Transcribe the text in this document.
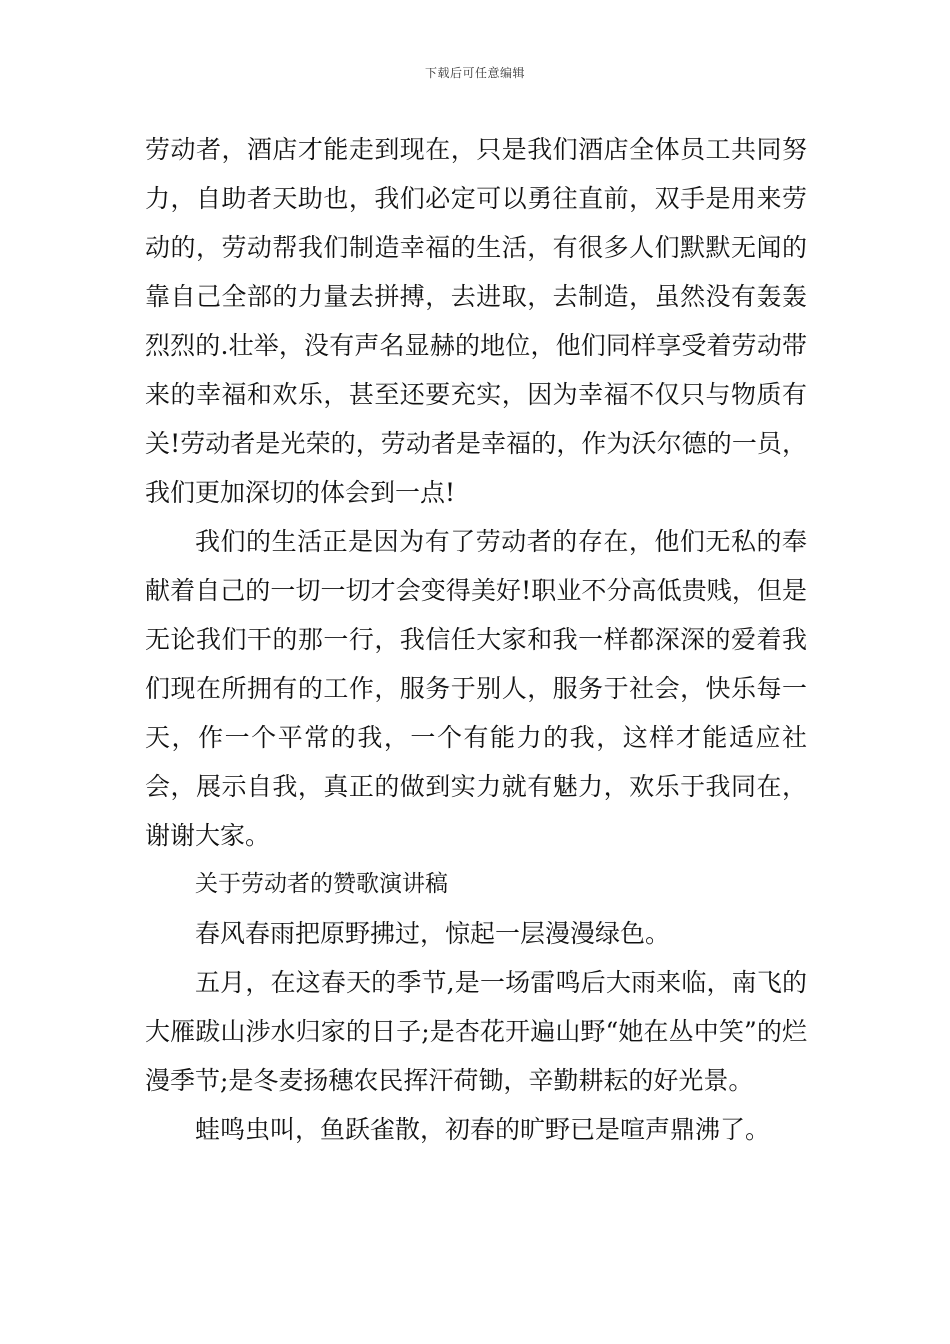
下载后可任意编辑

劳动者，酒店才能走到现在，只是我们酒店全体员工共同努力，自助者天助也，我们必定可以勇往直前，双手是用来劳动的，劳动帮我们制造幸福的生活，有很多人们默默无闻的靠自己全部的力量去拼搏，去进取，去制造，虽然没有轰轰烈烈的.壮举，没有声名显赫的地位，他们同样享受着劳动带来的幸福和欢乐，甚至还要充实，因为幸福不仅只与物质有关!劳动者是光荣的，劳动者是幸福的，作为沃尔德的一员，我们更加深切的体会到一点!

我们的生活正是因为有了劳动者的存在，他们无私的奉献着自己的一切一切才会变得美好!职业不分高低贵贱，但是无论我们干的那一行，我信任大家和我一样都深深的爱着我们现在所拥有的工作，服务于别人，服务于社会，快乐每一天，作一个平常的我，一个有能力的我，这样才能适应社会，展示自我，真正的做到实力就有魅力，欢乐于我同在，谢谢大家。

关于劳动者的赞歌演讲稿

春风春雨把原野拂过，惊起一层漫漫绿色。

五月，在这春天的季节,是一场雷鸣后大雨来临，南飞的大雁跋山涉水归家的日子;是杏花开遍山野“她在丛中笑”的烂漫季节;是冬麦扬穗农民挥汗荷锄，辛勤耕耘的好光景。

蛙鸣虫叫，鱼跃雀散，初春的旷野已是喧声鼎沸了。
